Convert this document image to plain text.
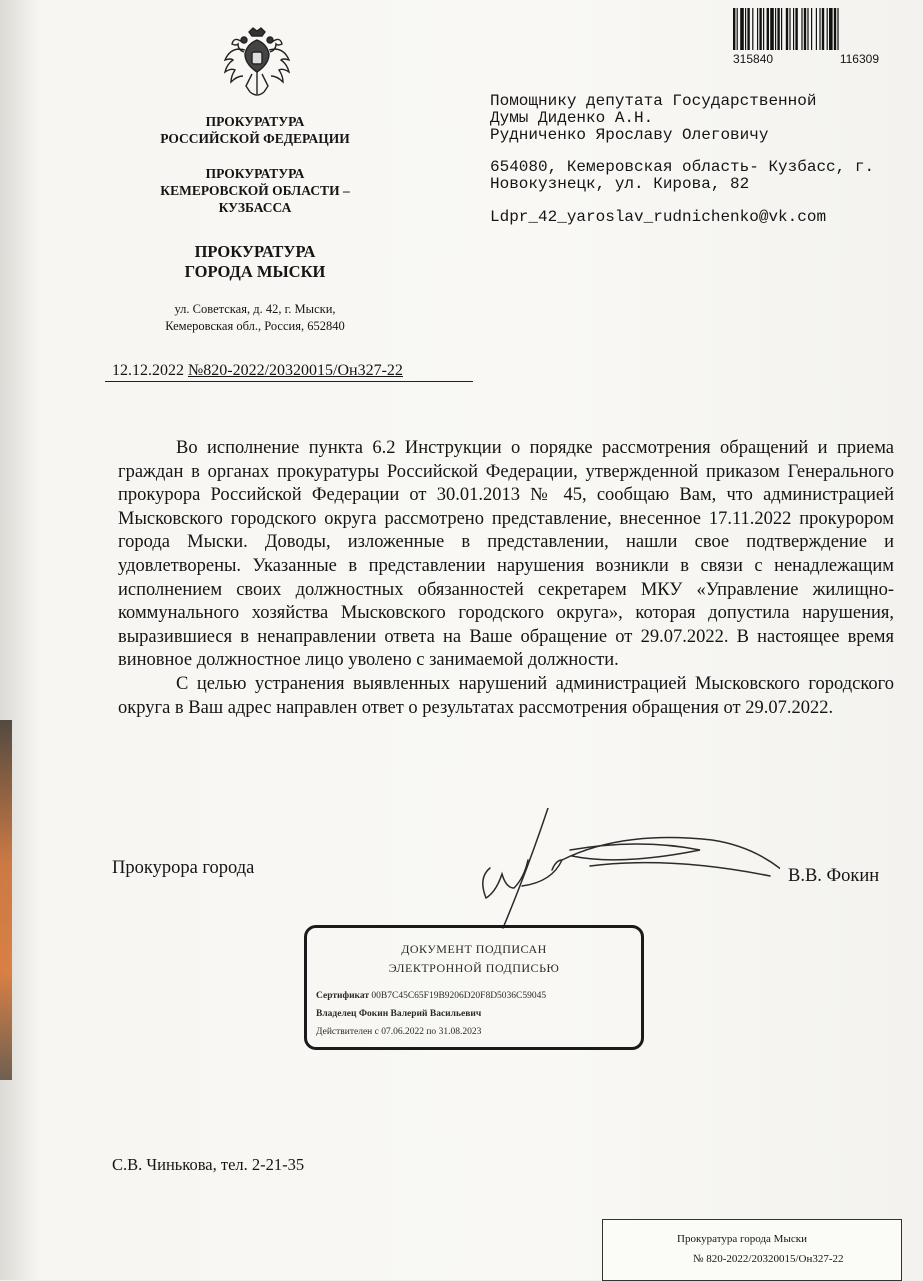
315840	116309
ПРОКУРАТУРА
РОССИЙСКОЙ ФЕДЕРАЦИИ
ПРОКУРАТУРА
КЕМЕРОВСКОЙ ОБЛАСТИ –
КУЗБАССА
ПРОКУРАТУРА
ГОРОДА МЫСКИ
ул. Советская, д. 42, г. Мыски,
Кемеровская обл., Россия, 652840
12.12.2022 №820-2022/20320015/Он327-22

Помощнику депутата Государственной

Думы Диденко А.Н.

Рудниченко Ярославу Олеговичу

654080, Кемеровская область- Кузбасс, г.

Новокузнецк, ул. Кирова, 82

Ldpr_42_yaroslav_rudnichenko@vk.com

Во исполнение пункта 6.2 Инструкции о порядке рассмотрения обращений и приема граждан в органах прокуратуры Российской Федерации, утвержденной приказом Генерального прокурора Российской Федерации от 30.01.2013 № 45, сообщаю Вам, что администрацией Мысковского городского округа рассмотрено представление, внесенное 17.11.2022 прокурором города Мыски. Доводы, изложенные в представлении, нашли свое подтверждение и удовлетворены. Указанные в представлении нарушения возникли в связи с ненадлежащим исполнением своих должностных обязанностей секретарем МКУ «Управление жилищно-коммунального хозяйства Мысковского городского округа», которая допустила нарушения, выразившиеся в ненаправлении ответа на Ваше обращение от 29.07.2022. В настоящее время виновное должностное лицо уволено с занимаемой должности.

С целью устранения выявленных нарушений администрацией Мысковского городского округа в Ваш адрес направлен ответ о результатах рассмотрения обращения от 29.07.2022.

Прокурора города	В.В. Фокин
ДОКУМЕНТ ПОДПИСАН
ЭЛЕКТРОННОЙ ПОДПИСЬЮ
Сертификат 00B7C45C65F19B9206D20F8D5036C59045
Владелец Фокин Валерий Васильевич
Действителен с 07.06.2022 по 31.08.2023
С.В. Чинькова, тел. 2-21-35
Прокуратура города Мыски
№ 820-2022/20320015/Он327-22
